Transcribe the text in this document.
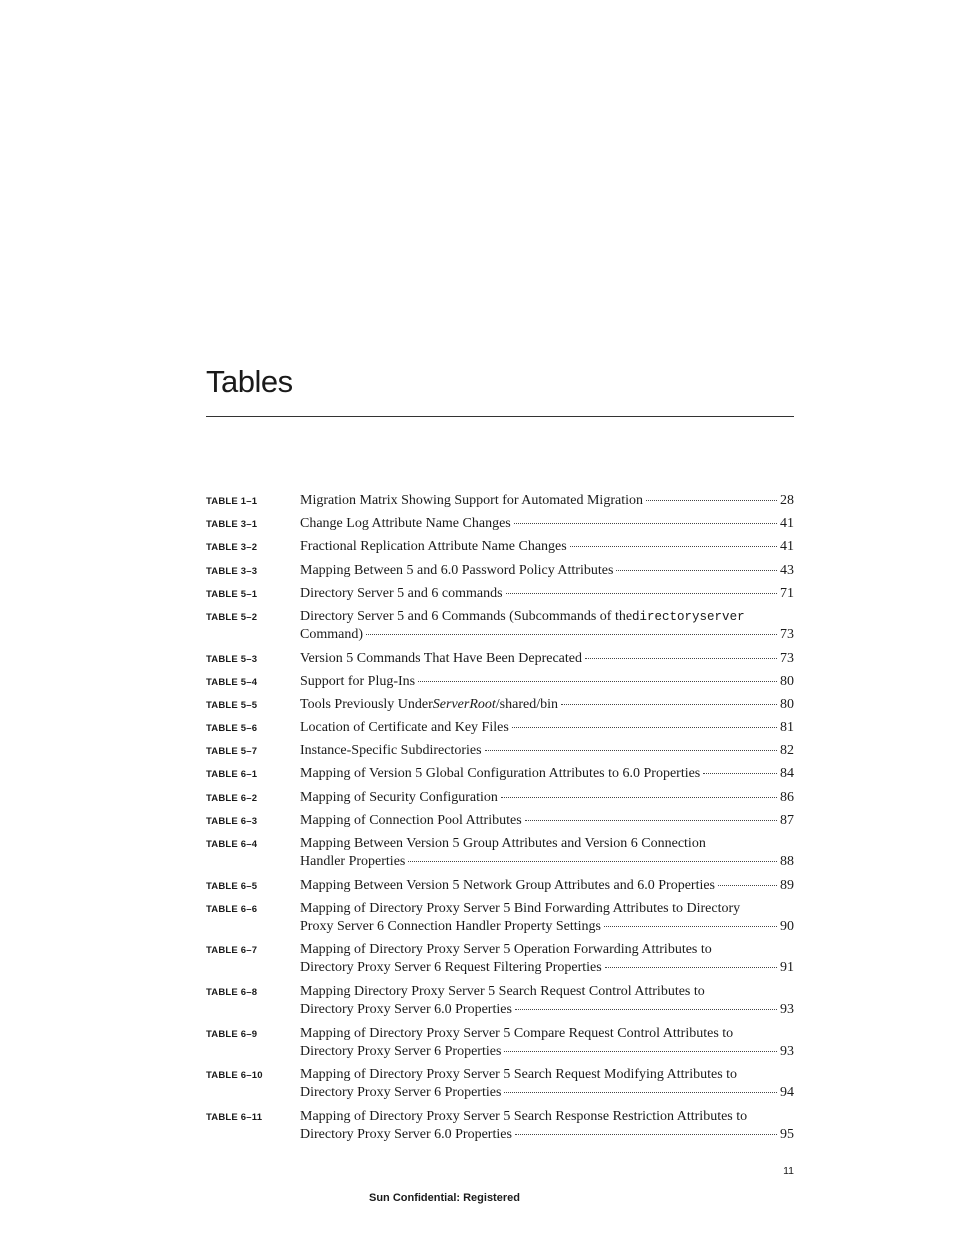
Tables
TABLE 1–1	Migration Matrix Showing Support for Automated Migration	28
TABLE 3–1	Change Log Attribute Name Changes	41
TABLE 3–2	Fractional Replication Attribute Name Changes	41
TABLE 3–3	Mapping Between 5 and 6.0 Password Policy Attributes	43
TABLE 5–1	Directory Server 5 and 6 commands	71
TABLE 5–2	Directory Server 5 and 6 Commands (Subcommands of the directoryserver
Command)	73
TABLE 5–3	Version 5 Commands That Have Been Deprecated	73
TABLE 5–4	Support for Plug-Ins	80
TABLE 5–5	Tools Previously Under ServerRoot /shared/bin	80
TABLE 5–6	Location of Certificate and Key Files	81
TABLE 5–7	Instance-Specific Subdirectories	82
TABLE 6–1	Mapping of Version 5 Global Configuration Attributes to 6.0 Properties	84
TABLE 6–2	Mapping of Security Configuration	86
TABLE 6–3	Mapping of Connection Pool Attributes	87
TABLE 6–4	Mapping Between Version 5 Group Attributes and Version 6 Connection
Handler Properties	88
TABLE 6–5	Mapping Between Version 5 Network Group Attributes and 6.0 Properties	89
TABLE 6–6	Mapping of Directory Proxy Server 5 Bind Forwarding Attributes to Directory
Proxy Server 6 Connection Handler Property Settings	90
TABLE 6–7	Mapping of Directory Proxy Server 5 Operation Forwarding Attributes to
Directory Proxy Server 6 Request Filtering Properties	91
TABLE 6–8	Mapping Directory Proxy Server 5 Search Request Control Attributes to
Directory Proxy Server 6.0 Properties	93
TABLE 6–9	Mapping of Directory Proxy Server 5 Compare Request Control Attributes to
Directory Proxy Server 6 Properties	93
TABLE 6–10	Mapping of Directory Proxy Server 5 Search Request Modifying Attributes to
Directory Proxy Server 6 Properties	94
TABLE 6–11	Mapping of Directory Proxy Server 5 Search Response Restriction Attributes to
Directory Proxy Server 6.0 Properties	95
11
Sun Confidential: Registered
